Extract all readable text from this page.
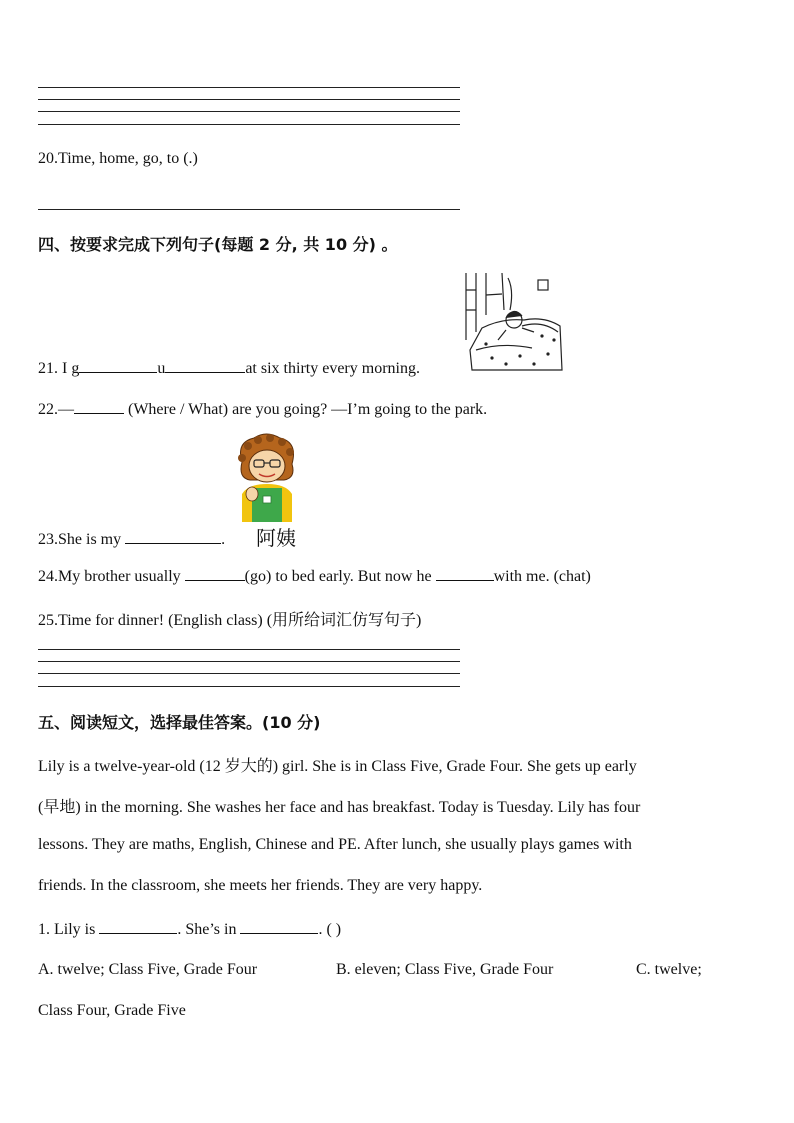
20.Time, home, go, to (.)
四、按要求完成下列句子(每题 2 分, 共 10 分) 。
21. I g	u	at six thirty every morning.
22.—	(Where / What) are you going? —I’m going to the park.
阿姨
23.She is my	.
24.My brother usually	(go) to bed early. But now he	with me. (chat)
25.Time for dinner! (English class) (用所给词汇仿写句子)
五、阅读短文，选择最佳答案。(10 分)
Lily is a twelve-year-old (12 岁大的) girl. She is in Class Five, Grade Four. She gets up early
(早地) in the morning. She washes her face and has breakfast. Today is Tuesday. Lily has four
lessons. They are maths, English, Chinese and PE. After lunch, she usually plays games with
friends. In the classroom, she meets her friends. They are very happy.
1. Lily is	. She’s in	. ( )
A. twelve; Class Five, Grade Four	B. eleven; Class Five, Grade Four	C. twelve;
Class Four, Grade Five
